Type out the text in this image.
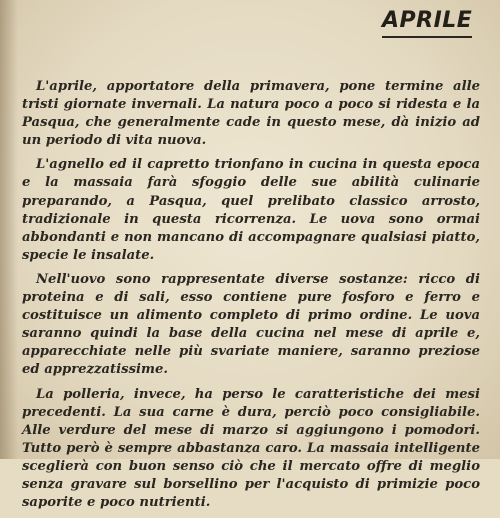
APRILE

L'aprile, apportatore della primavera, pone termine alle tristi giornate invernali. La natura poco a poco si ridesta e la Pasqua, che generalmente cade in questo mese, dà inizio ad un periodo di vita nuova.

L'agnello ed il capretto trionfano in cucina in questa epoca e la massaia farà sfoggio delle sue abilità culinarie preparando, a Pasqua, quel prelibato classico arrosto, tradizionale in questa ricorrenza. Le uova sono ormai abbondanti e non mancano di accompagnare qualsiasi piatto, specie le insalate.

Nell'uovo sono rappresentate diverse sostanze: ricco di proteina e di sali, esso contiene pure fosforo e ferro e costituisce un alimento completo di primo ordine. Le uova saranno quindi la base della cucina nel mese di aprile e, apparecchiate nelle più svariate maniere, saranno preziose ed apprezzatissime.

La polleria, invece, ha perso le caratteristiche dei mesi precedenti. La sua carne è dura, perciò poco consigliabile. Alle verdure del mese di marzo si aggiungono i pomodori. Tutto però è sempre abbastanza caro. La massaia intelligente sceglierà con buon senso ciò che il mercato offre di meglio senza gravare sul borsellino per l'acquisto di primizie poco saporite e poco nutrienti.
